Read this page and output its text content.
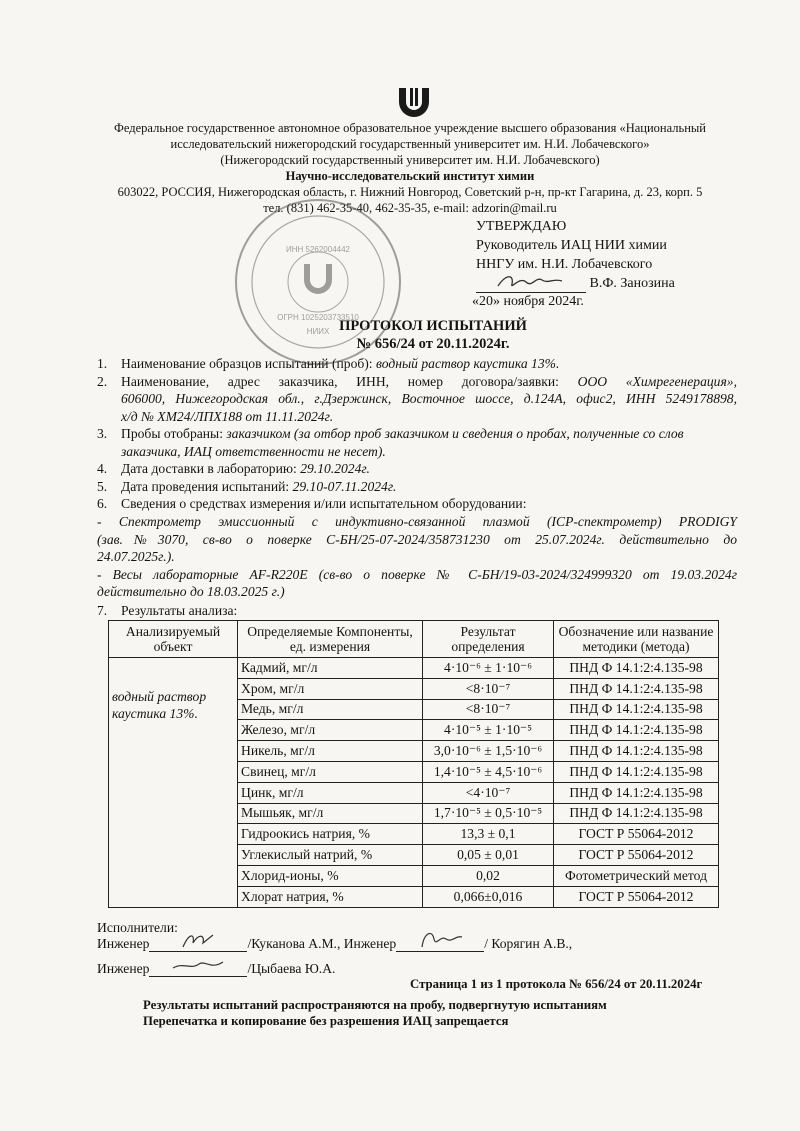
Федеральное государственное автономное образовательное учреждение высшего образования «Национальный
исследовательский нижегородский государственный университет им. Н.И. Лобачевского»
(Нижегородский государственный университет им. Н.И. Лобачевского)
Научно-исследовательский институт химии
603022, РОССИЯ, Нижегородская область, г. Нижний Новгород, Советский р-н, пр-кт Гагарина, д. 23, корп. 5
тел. (831) 462-35-40, 462-35-35, e-mail: adzorin@mail.ru
ИНН 5262004442
ОГРН 1025203733510
НИИХ
УТВЕРЖДАЮ
Руководитель ИАЦ НИИ химии
ННГУ им. Н.И. Лобачевского
В.Ф. Занозина
«20» ноября 2024г.
ПРОТОКОЛ ИСПЫТАНИЙ
№ 656/24 от 20.11.2024г.
1. Наименование образцов испытаний (проб): водный раствор каустика 13%.
2. Наименование, адрес заказчика, ИНН, номер договора/заявки: ООО «Химрегенерация»,
606000, Нижегородская обл., г.Дзержинск, Восточное шоссе, д.124А, офис2, ИНН 5249178898,
х/д № ХМ24/ЛПХ188 от 11.11.2024г.
3. Пробы отобраны: заказчиком (за отбор проб заказчиком и сведения о пробах, полученные со слов
заказчика, ИАЦ ответственности не несет).
4. Дата доставки в лабораторию: 29.10.2024г.
5. Дата проведения испытаний: 29.10-07.11.2024г.
6. Сведения о средствах измерения и/или испытательном оборудовании:
- Спектрометр эмиссионный с индуктивно-связанной плазмой (ICP-спектрометр) PRODIGY
(зав.№3070, св-во о поверке С-БН/25-07-2024/358731230 от 25.07.2024г. действительно до
24.07.2025г.).
- Весы лабораторные AF-R220E (св-во о поверке № С-БН/19-03-2024/324999320 от 19.03.2024г
действительно до 18.03.2025 г.)
7. Результаты анализа:
Анализируемый объект	Определяемые Компоненты, ед. измерения	Результат определения	Обозначение или название методики (метода)
водный раствор каустика 13%.	Кадмий, мг/л	4·10⁻⁶ ± 1·10⁻⁶	ПНД Ф 14.1:2:4.135-98
	Хром, мг/л	<8·10⁻⁷	ПНД Ф 14.1:2:4.135-98
	Медь, мг/л	<8·10⁻⁷	ПНД Ф 14.1:2:4.135-98
	Железо, мг/л	4·10⁻⁵ ± 1·10⁻⁵	ПНД Ф 14.1:2:4.135-98
	Никель, мг/л	3,0·10⁻⁶ ± 1,5·10⁻⁶	ПНД Ф 14.1:2:4.135-98
	Свинец, мг/л	1,4·10⁻⁵ ± 4,5·10⁻⁶	ПНД Ф 14.1:2:4.135-98
	Цинк, мг/л	<4·10⁻⁷	ПНД Ф 14.1:2:4.135-98
	Мышьяк, мг/л	1,7·10⁻⁵ ± 0,5·10⁻⁵	ПНД Ф 14.1:2:4.135-98
	Гидроокись натрия, %	13,3 ± 0,1	ГОСТ Р 55064-2012
	Углекислый натрий, %	0,05 ± 0,01	ГОСТ Р 55064-2012
	Хлорид-ионы, %	0,02	Фотометрический метод
	Хлорат натрия, %	0,066±0,016	ГОСТ Р 55064-2012
Исполнители:
Инженер	/Куканова А.М., Инженер	/ Корягин А.В.,
Инженер	/Цыбаева Ю.А.
Страница 1 из 1 протокола № 656/24 от 20.11.2024г
Результаты испытаний распространяются на пробу, подвергнутую испытаниям
Перепечатка и копирование без разрешения ИАЦ запрещается
